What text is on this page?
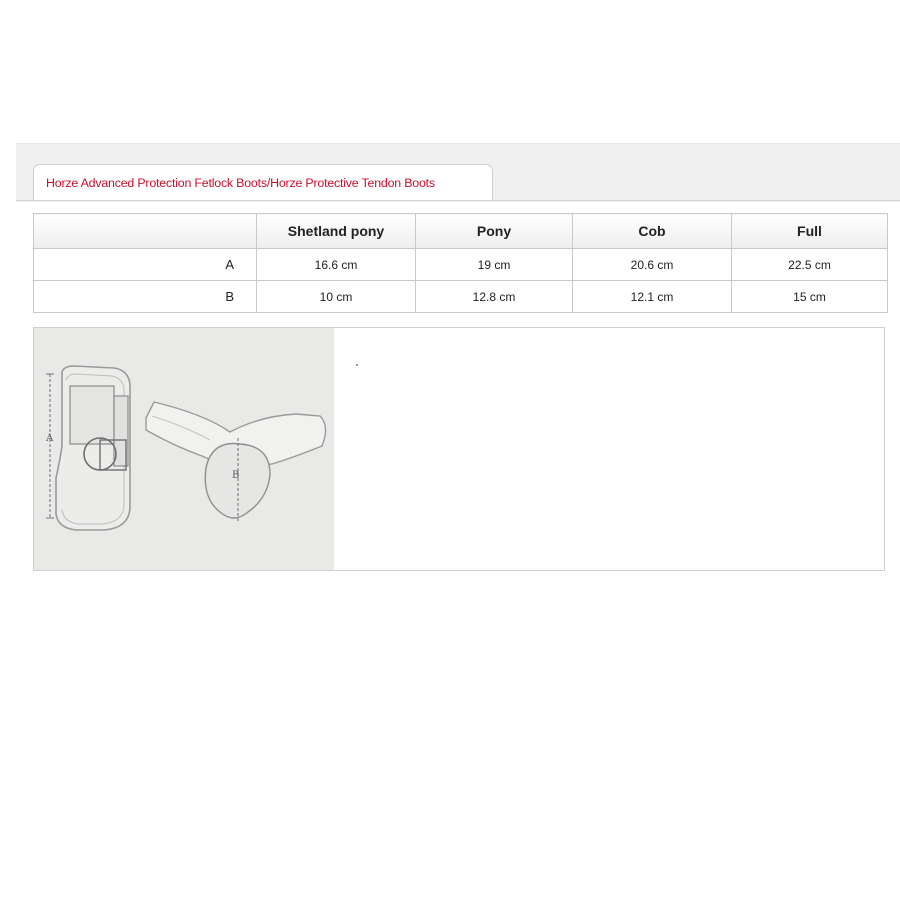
Horze Advanced Protection Fetlock Boots/Horze Protective Tendon Boots
	Shetland pony	Pony	Cob	Full
A	16.6 cm	19 cm	20.6 cm	22.5 cm
B	10 cm	12.8 cm	12.1 cm	15 cm
A
B
